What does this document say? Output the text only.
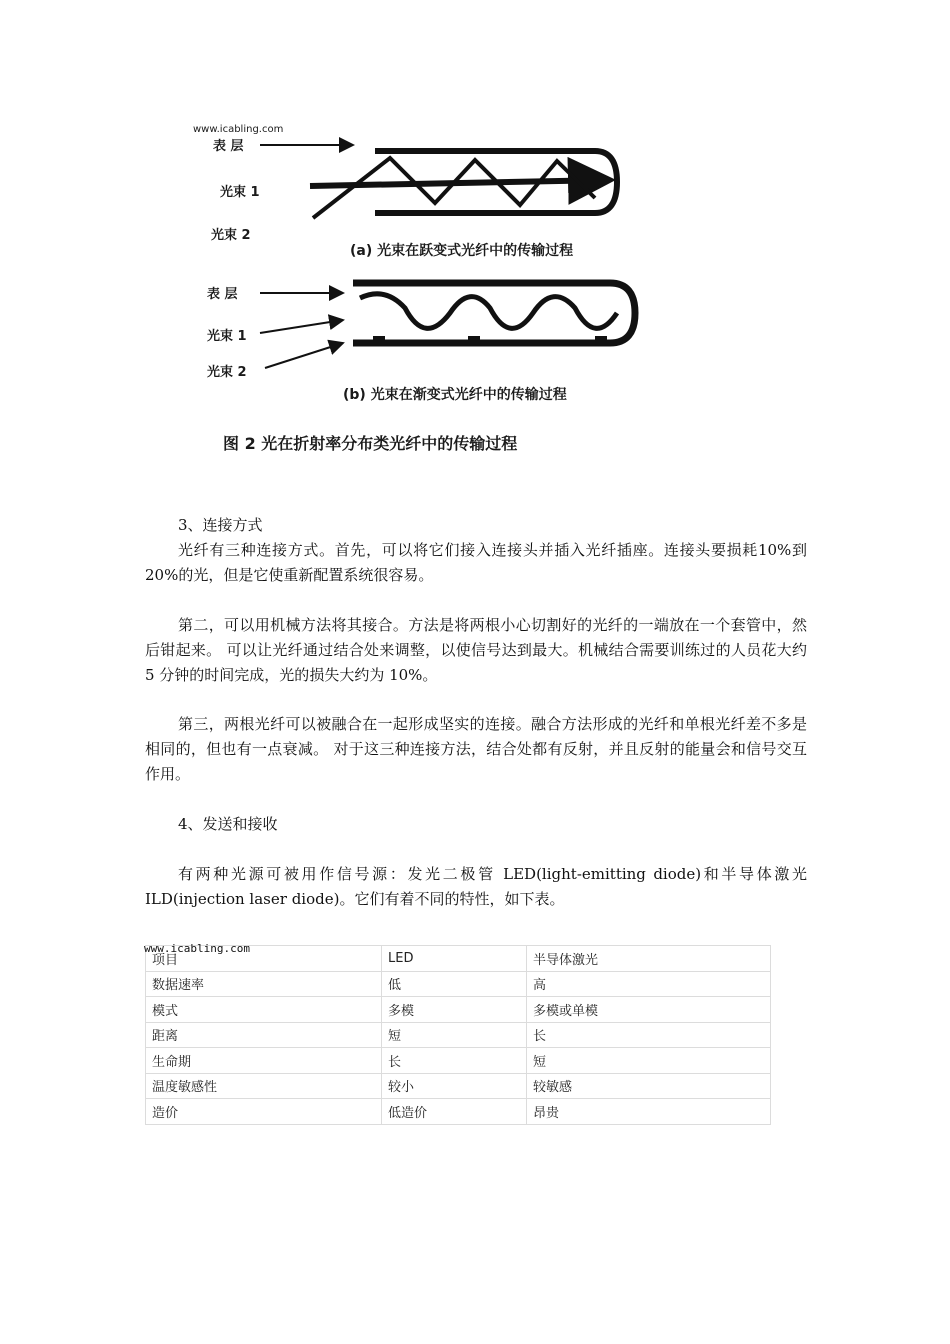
www.icabling.com
表 层
光束 1
光束 2
(a) 光束在跃变式光纤中的传输过程
表 层
光束 1
光束 2
(b) 光束在渐变式光纤中的传输过程
图 2 光在折射率分布类光纤中的传输过程

3、连接方式

光纤有三种连接方式。首先，可以将它们接入连接头并插入光纤插座。连接头要损耗10%到 20%的光，但是它使重新配置系统很容易。

第二，可以用机械方法将其接合。方法是将两根小心切割好的光纤的一端放在一个套管中，然后钳起来。 可以让光纤通过结合处来调整，以使信号达到最大。机械结合需要训练过的人员花大约 5 分钟的时间完成，光的损失大约为 10%。

第三，两根光纤可以被融合在一起形成坚实的连接。融合方法形成的光纤和单根光纤差不多是相同的，但也有一点衰减。 对于这三种连接方法，结合处都有反射，并且反射的能量会和信号交互作用。

4、发送和接收

有两种光源可被用作信号源：发光二极管 LED(light-emitting diode)和半导体激光ILD(injection laser diode)。它们有着不同的特性，如下表。

www.icabling.com
项目	LED	半导体激光
数据速率	低	高
模式	多模	多模或单模
距离	短	长
生命期	长	短
温度敏感性	较小	较敏感
造价	低造价	昂贵
